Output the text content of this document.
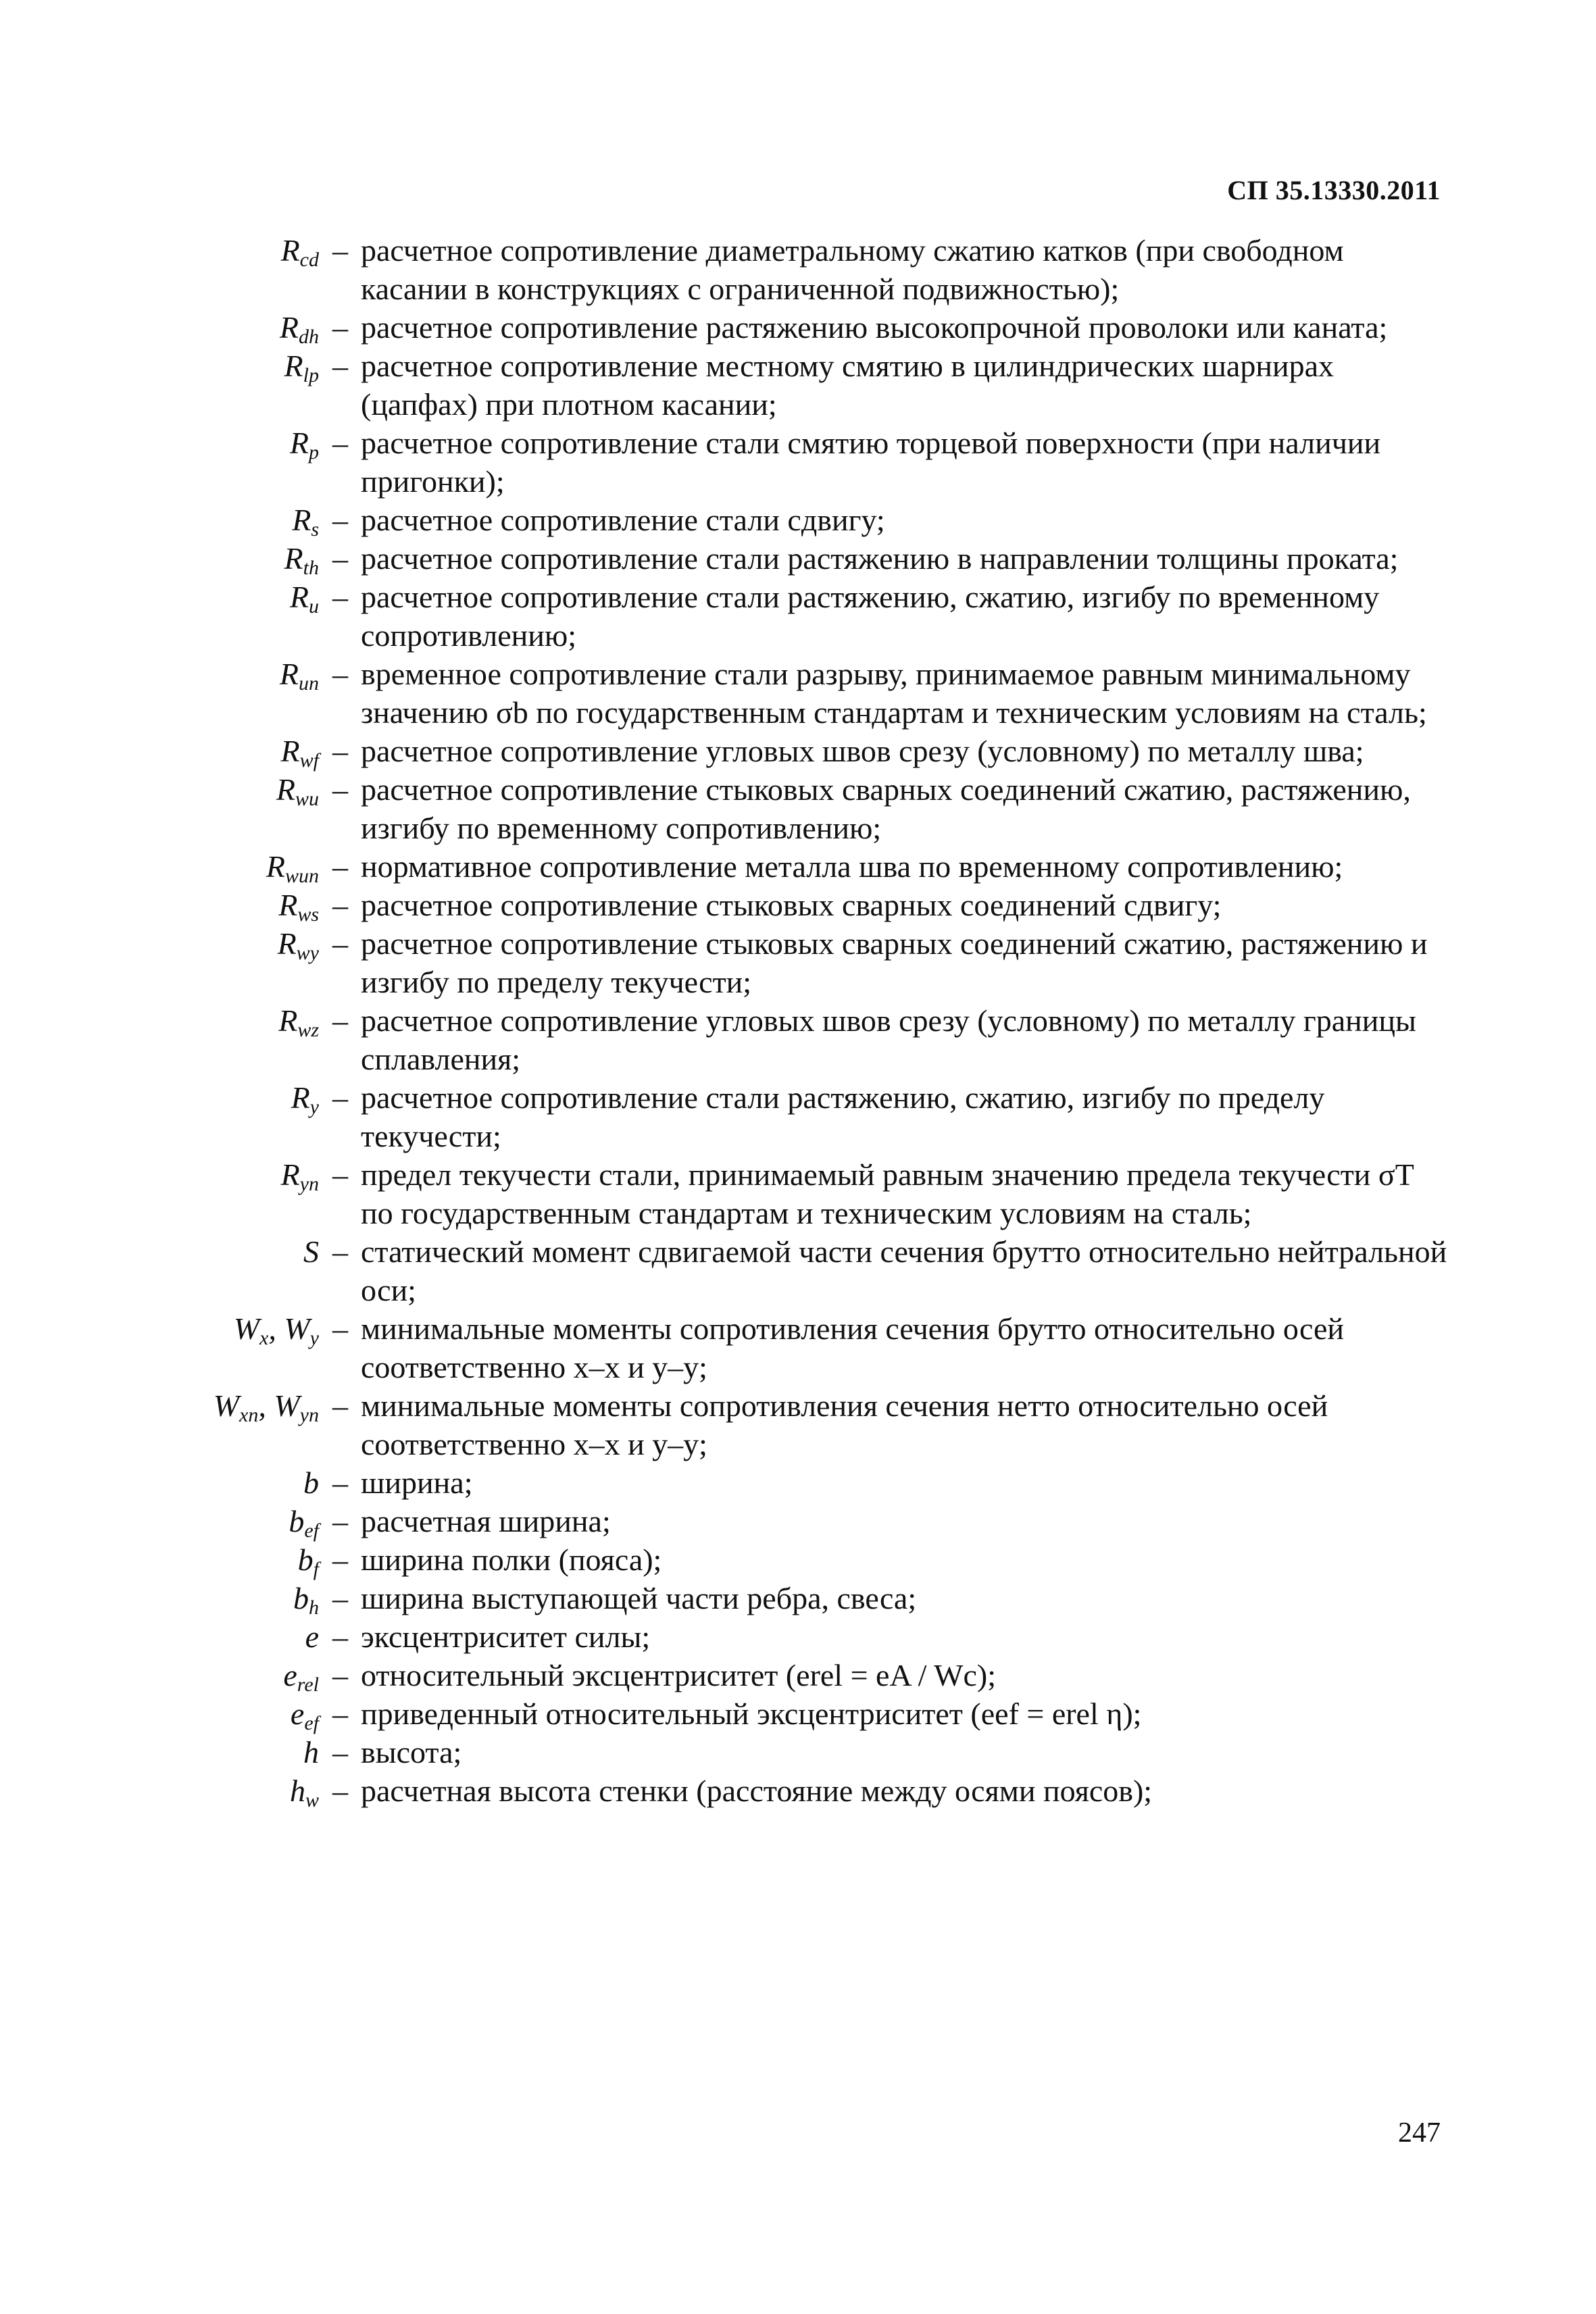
СП 35.13330.2011
$R_{cd}$ – расчетное сопротивление диаметральному сжатию катков (при свободном касании в конструкциях с ограниченной подвижностью);
$R_{dh}$ – расчетное сопротивление растяжению высокопрочной проволоки или каната;
$R_{lp}$ – расчетное сопротивление местному смятию в цилиндрических шарнирах (цапфах) при плотном касании;
$R_p$ – расчетное сопротивление стали смятию торцевой поверхности (при наличии пригонки);
$R_s$ – расчетное сопротивление стали сдвигу;
$R_{th}$ – расчетное сопротивление стали растяжению в направлении толщины проката;
$R_u$ – расчетное сопротивление стали растяжению, сжатию, изгибу по временному сопротивлению;
$R_{un}$ – временное сопротивление стали разрыву, принимаемое равным минимальному значению σb по государственным стандартам и техническим условиям на сталь;
$R_{wf}$ – расчетное сопротивление угловых швов срезу (условному) по металлу шва;
$R_{wu}$ – расчетное сопротивление стыковых сварных соединений сжатию, растяжению, изгибу по временному сопротивлению;
$R_{wun}$ – нормативное сопротивление металла шва по временному сопротивлению;
$R_{ws}$ – расчетное сопротивление стыковых сварных соединений сдвигу;
$R_{wy}$ – расчетное сопротивление стыковых сварных соединений сжатию, растяжению и изгибу по пределу текучести;
$R_{wz}$ – расчетное сопротивление угловых швов срезу (условному) по металлу границы сплавления;
$R_y$ – расчетное сопротивление стали растяжению, сжатию, изгибу по пределу текучести;
$R_{yn}$ – предел текучести стали, принимаемый равным значению предела текучести σT по государственным стандартам и техническим условиям на сталь;
S – статический момент сдвигаемой части сечения брутто относительно нейтральной оси;
$W_x$, $W_y$ – минимальные моменты сопротивления сечения брутто относительно осей соответственно x–x и y–y;
$W_{xn}$, $W_{yn}$ – минимальные моменты сопротивления сечения нетто относительно осей соответственно x–x и y–y;
b – ширина;
$b_{ef}$ – расчетная ширина;
$b_f$ – ширина полки (пояса);
$b_h$ – ширина выступающей части ребра, свеса;
e – эксцентриситет силы;
$e_{rel}$ – относительный эксцентриситет (erel = eA / Wc);
$e_{ef}$ – приведенный относительный эксцентриситет (eef = erel η);
h – высота;
$h_w$ – расчетная высота стенки (расстояние между осями поясов);
247
